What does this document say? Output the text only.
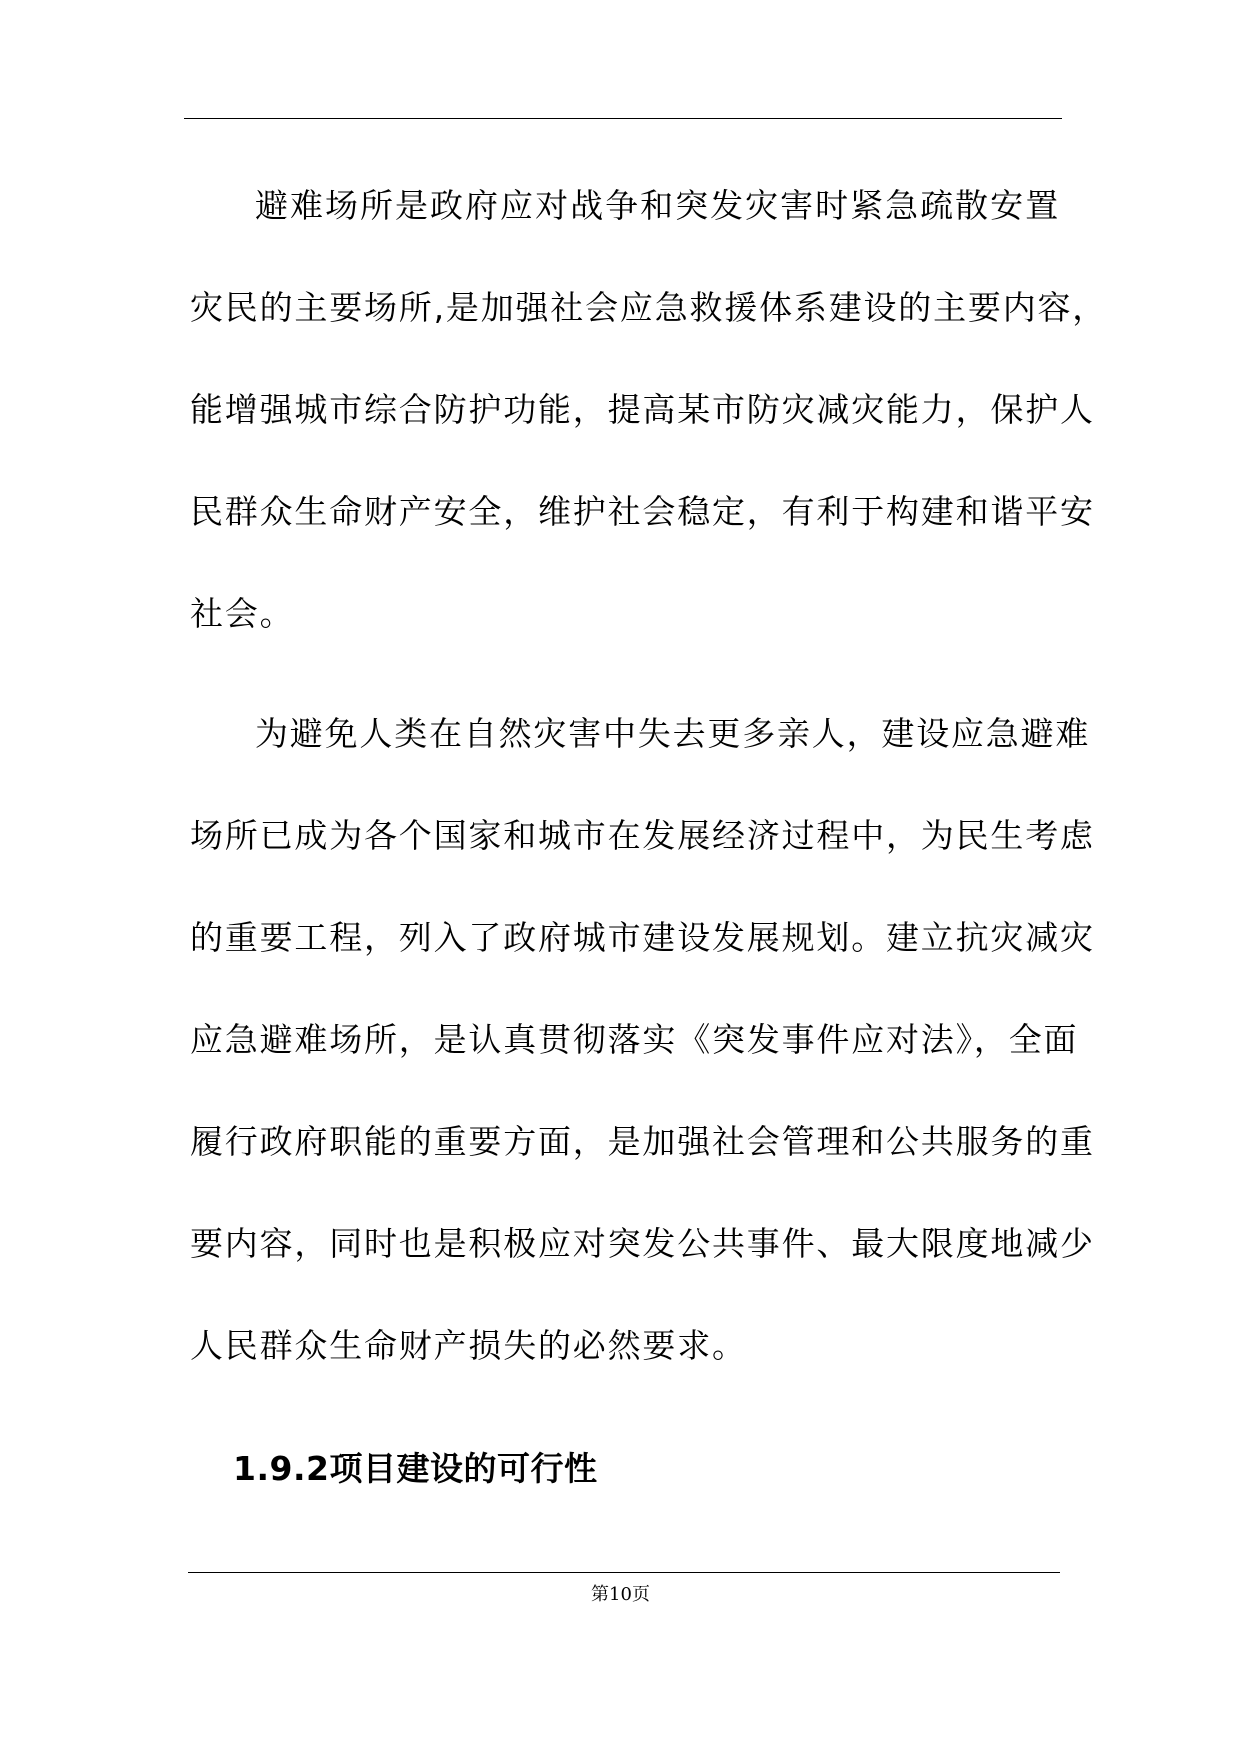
避难场所是政府应对战争和突发灾害时紧急疏散安置
灾民的主要场所,是加强社会应急救援体系建设的主要内容，
能增强城市综合防护功能，提高某市防灾减灾能力，保护人
民群众生命财产安全，维护社会稳定，有利于构建和谐平安
社会。
为避免人类在自然灾害中失去更多亲人，建设应急避难
场所已成为各个国家和城市在发展经济过程中，为民生考虑
的重要工程，列入了政府城市建设发展规划。建立抗灾减灾
应急避难场所，是认真贯彻落实《突发事件应对法》，全面
履行政府职能的重要方面，是加强社会管理和公共服务的重
要内容，同时也是积极应对突发公共事件、最大限度地减少
人民群众生命财产损失的必然要求。
1.9.2项目建设的可行性
第10页
